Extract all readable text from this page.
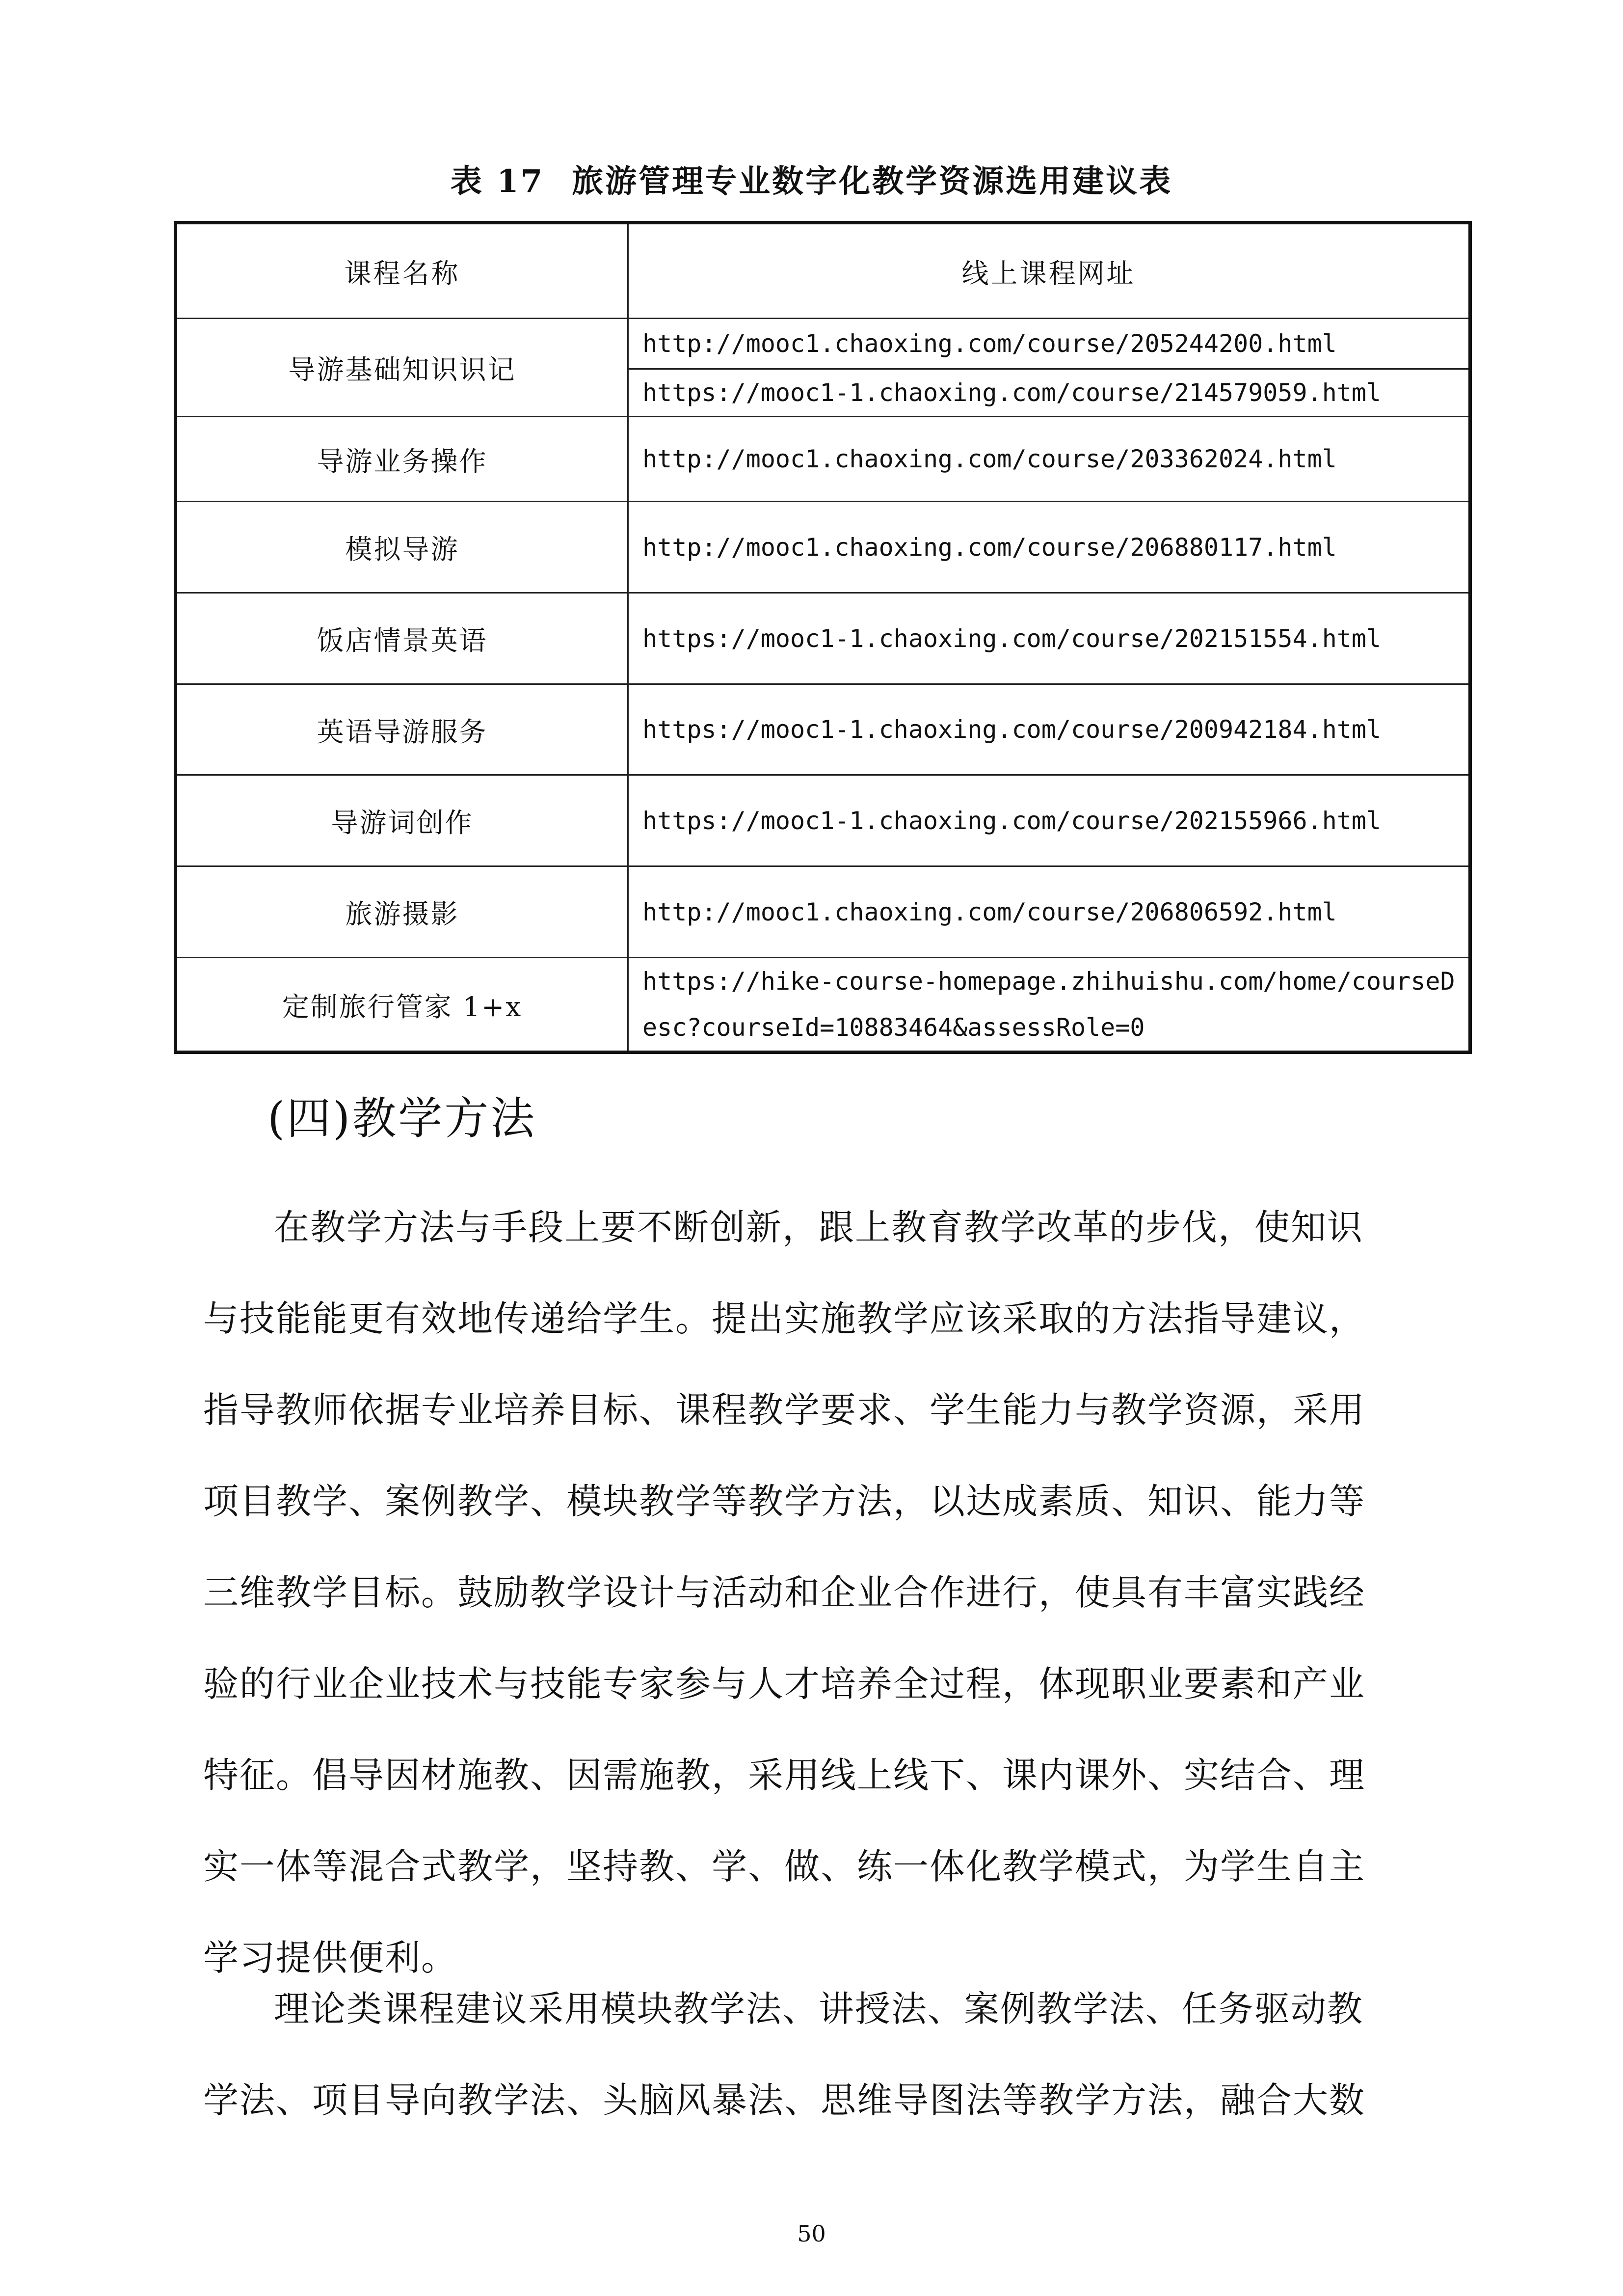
表 17 旅游管理专业数字化教学资源选用建议表
课程名称	线上课程网址
导游基础知识识记	http://mooc1.chaoxing.com/course/205244200.html
	https://mooc1-1.chaoxing.com/course/214579059.html
导游业务操作	http://mooc1.chaoxing.com/course/203362024.html
模拟导游	http://mooc1.chaoxing.com/course/206880117.html
饭店情景英语	https://mooc1-1.chaoxing.com/course/202151554.html
英语导游服务	https://mooc1-1.chaoxing.com/course/200942184.html
导游词创作	https://mooc1-1.chaoxing.com/course/202155966.html
旅游摄影	http://mooc1.chaoxing.com/course/206806592.html
定制旅行管家 1+x	https://hike-course-homepage.zhihuishu.com/home/courseDesc?courseId=10883464&assessRole=0
(四)教学方法
在教学方法与手段上要不断创新，跟上教育教学改革的步伐，使知识
与技能能更有效地传递给学生。提出实施教学应该采取的方法指导建议，
指导教师依据专业培养目标、课程教学要求、学生能力与教学资源，采用
项目教学、案例教学、模块教学等教学方法，以达成素质、知识、能力等
三维教学目标。鼓励教学设计与活动和企业合作进行，使具有丰富实践经
验的行业企业技术与技能专家参与人才培养全过程，体现职业要素和产业
特征。倡导因材施教、因需施教，采用线上线下、课内课外、实结合、理
实一体等混合式教学，坚持教、学、做、练一体化教学模式，为学生自主
学习提供便利。
理论类课程建议采用模块教学法、讲授法、案例教学法、任务驱动教
学法、项目导向教学法、头脑风暴法、思维导图法等教学方法，融合大数
50
